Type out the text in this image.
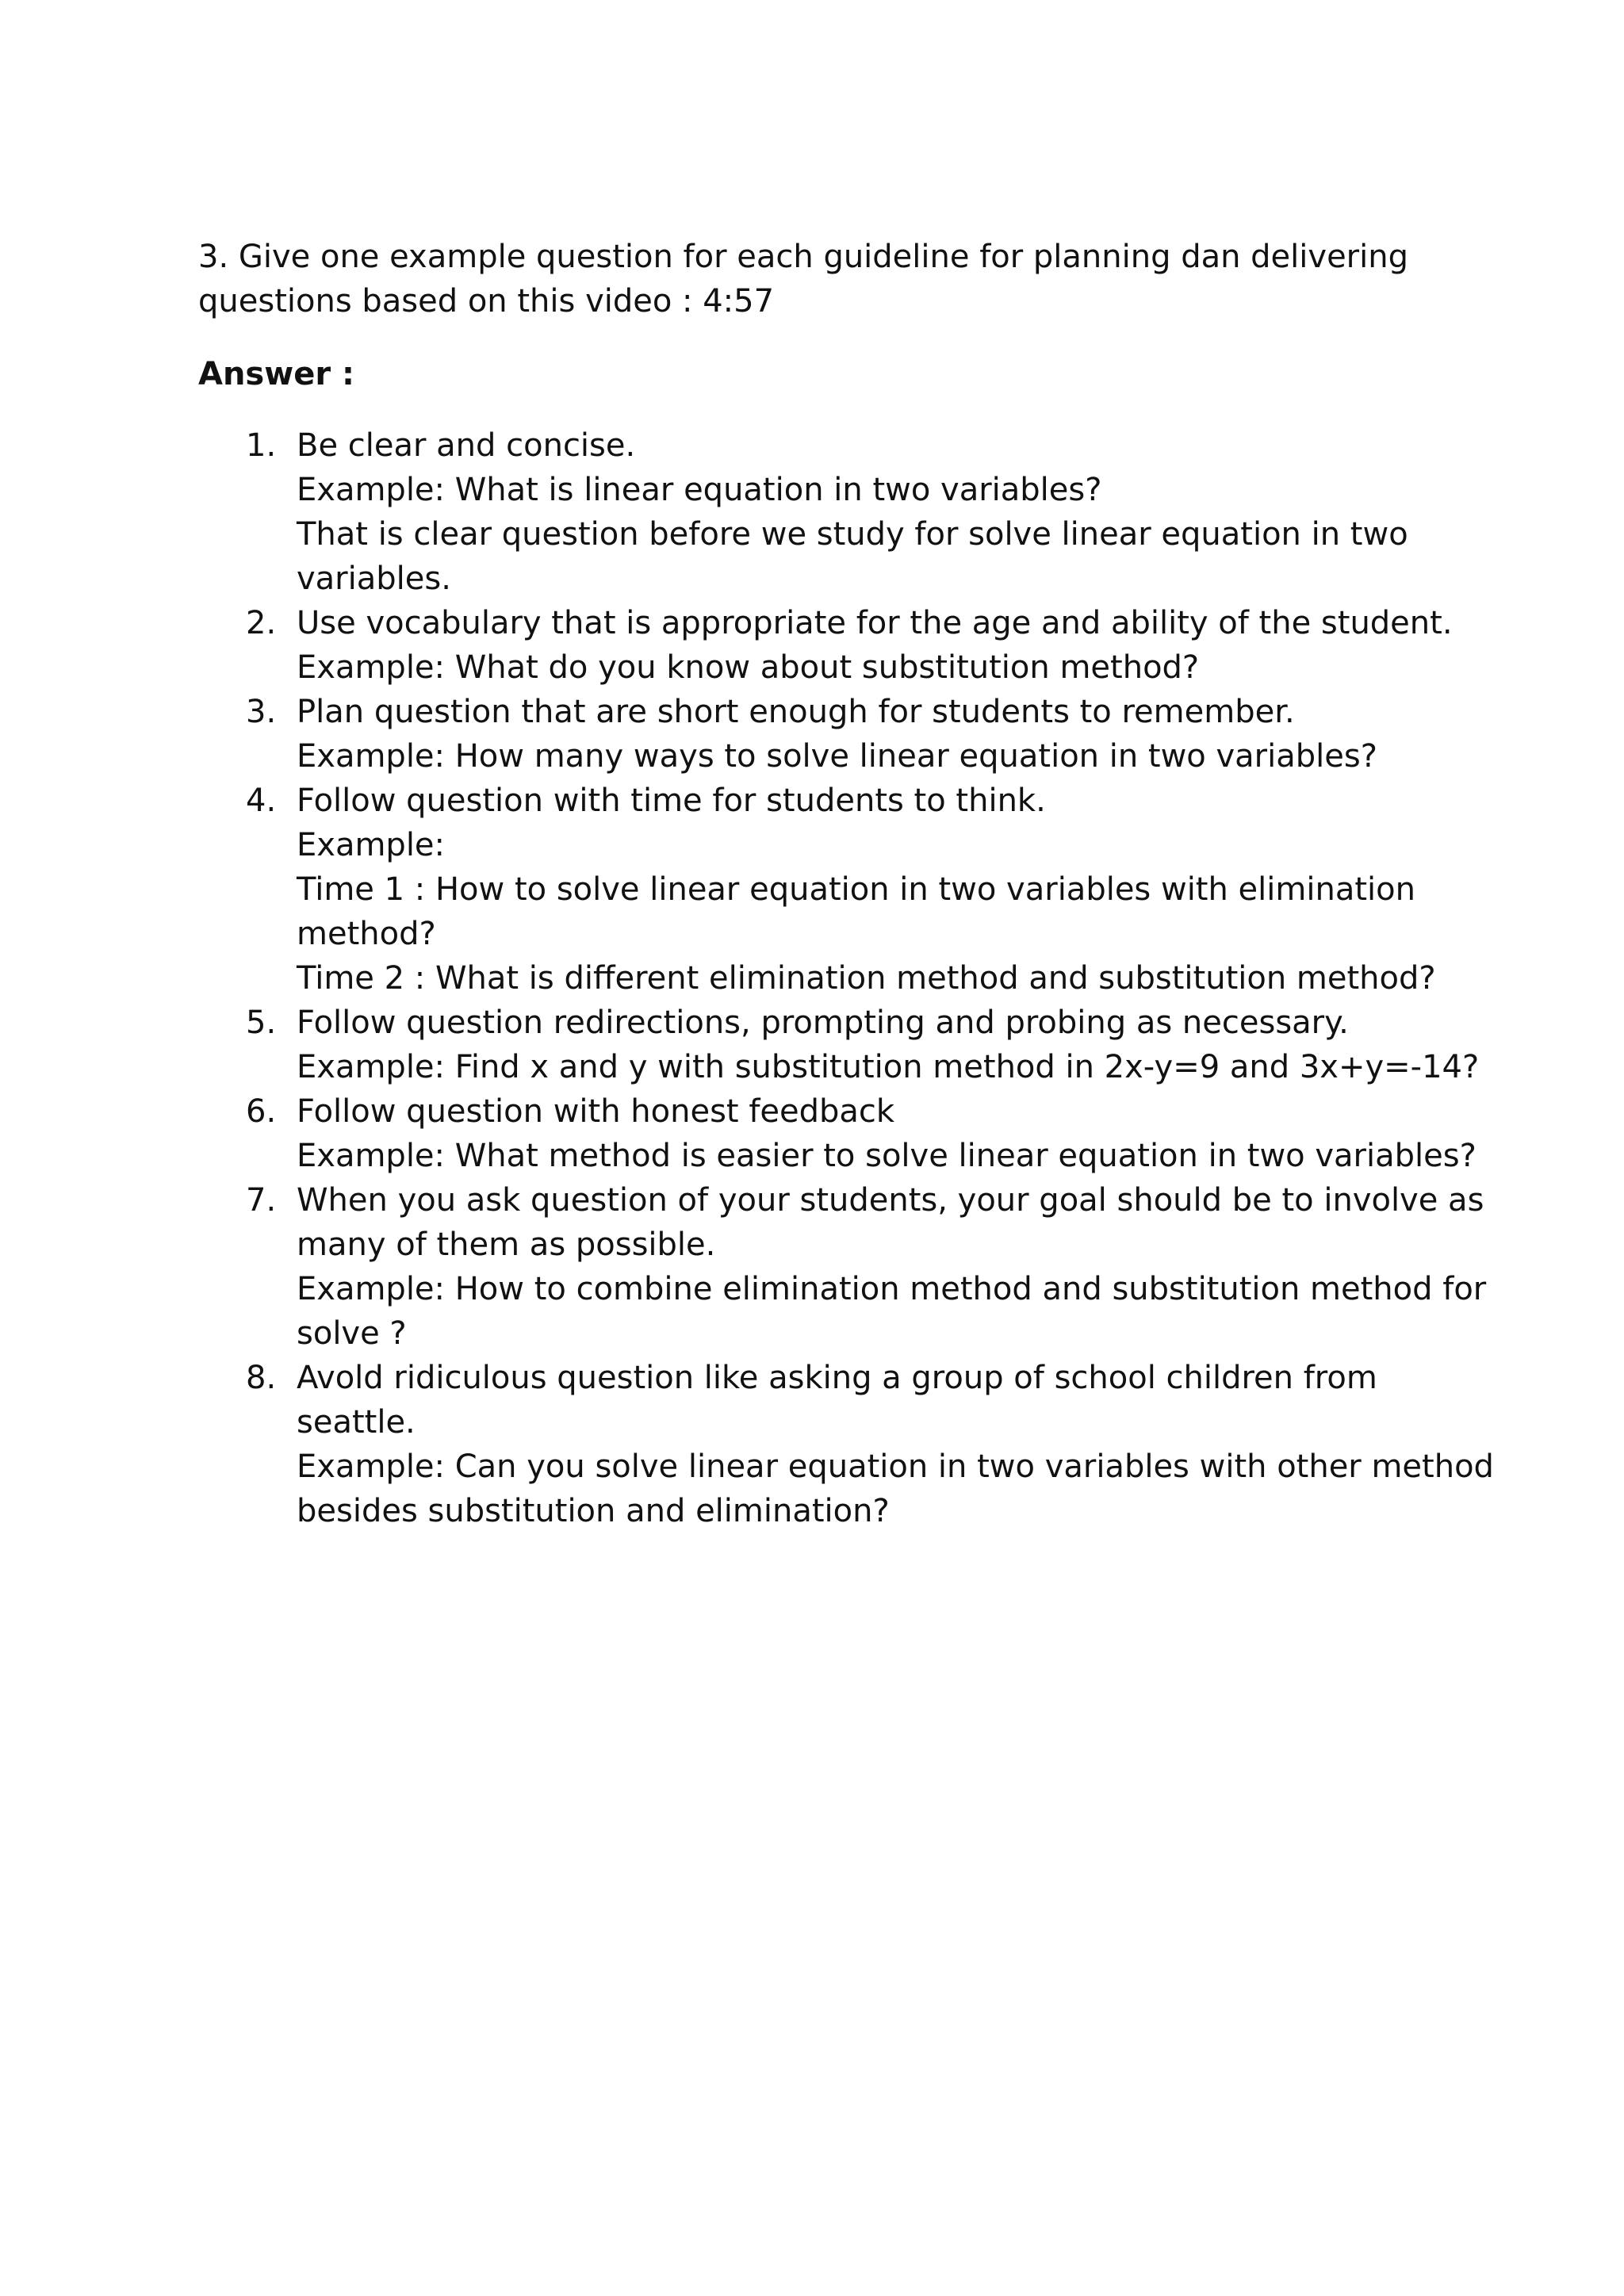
3. Give one example question for each guideline for planning dan delivering

questions based on this video : 4:57

Answer :
Be clear and concise.
Example: What is linear equation in two variables?
That is clear question before we study for solve linear equation in two
variables.
Use vocabulary that is appropriate for the age and ability of the student.
Example: What do you know about substitution method?
Plan question that are short enough for students to remember.
Example: How many ways to solve linear equation in two variables?
Follow question with time for students to think.
Example:
Time 1 : How to solve linear equation in two variables with elimination
method?
Time 2 : What is different elimination method and substitution method?
Follow question redirections, prompting and probing as necessary.
Example: Find x and y with substitution method in 2x-y=9 and 3x+y=-14?
Follow question with honest feedback
Example: What method is easier to solve linear equation in two variables?
When you ask question of your students, your goal should be to involve as
many of them as possible.
Example: How to combine elimination method and substitution method for
solve ?
Avold ridiculous question like asking a group of school children from seattle.
Example: Can you solve linear equation in two variables with other method
besides substitution and elimination?
